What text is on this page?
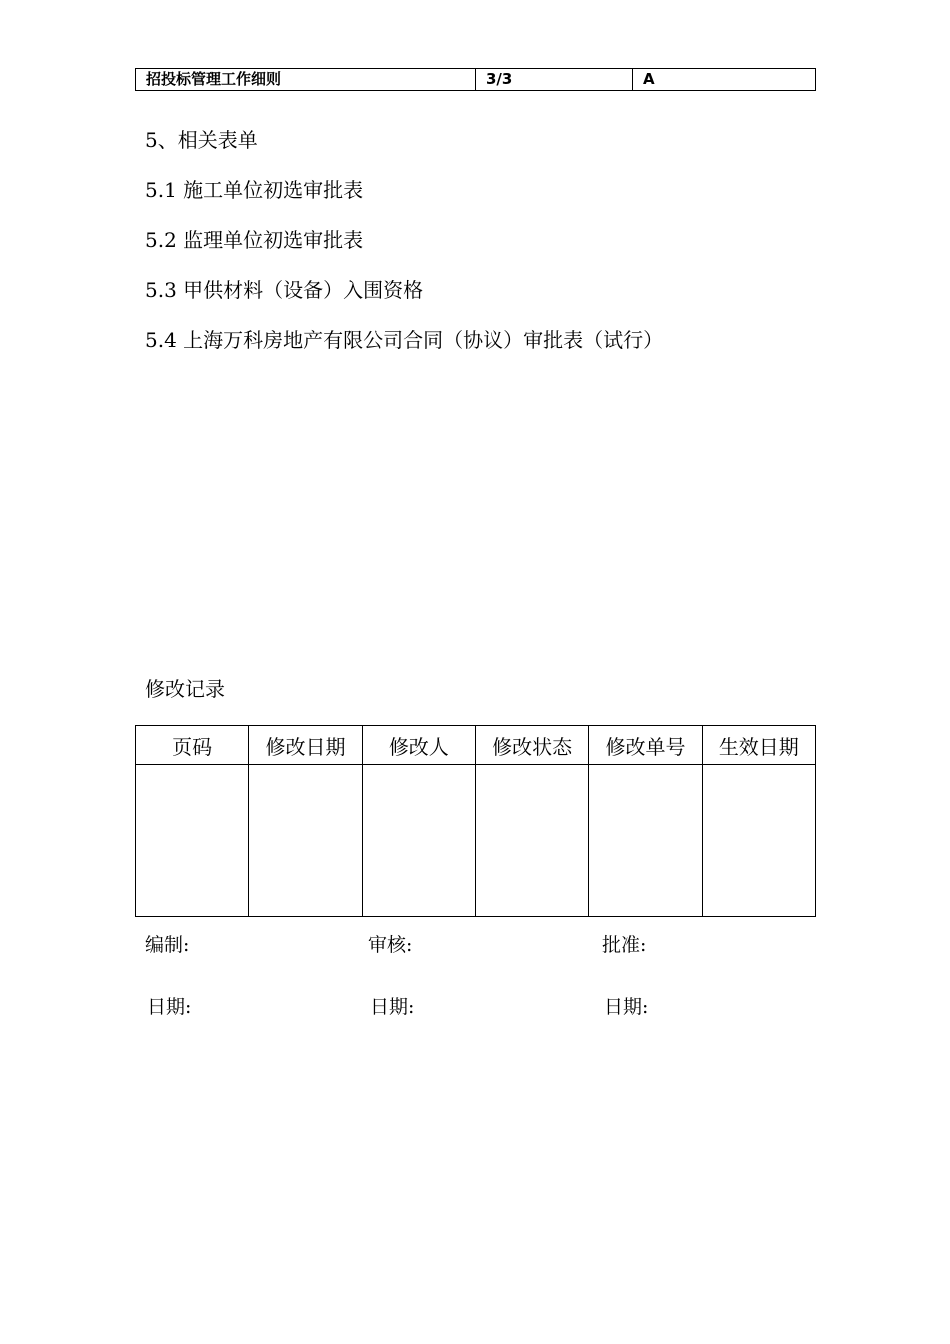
招投标管理工作细则	3/3	A
5、相关表单
5.1 施工单位初选审批表
5.2 监理单位初选审批表
5.3 甲供材料（设备）入围资格
5.4 上海万科房地产有限公司合同（协议）审批表（试行）
修改记录
页码	修改日期	修改人	修改状态	修改单号	生效日期

编制:	审核:	批准:
日期:	日期:	日期:
